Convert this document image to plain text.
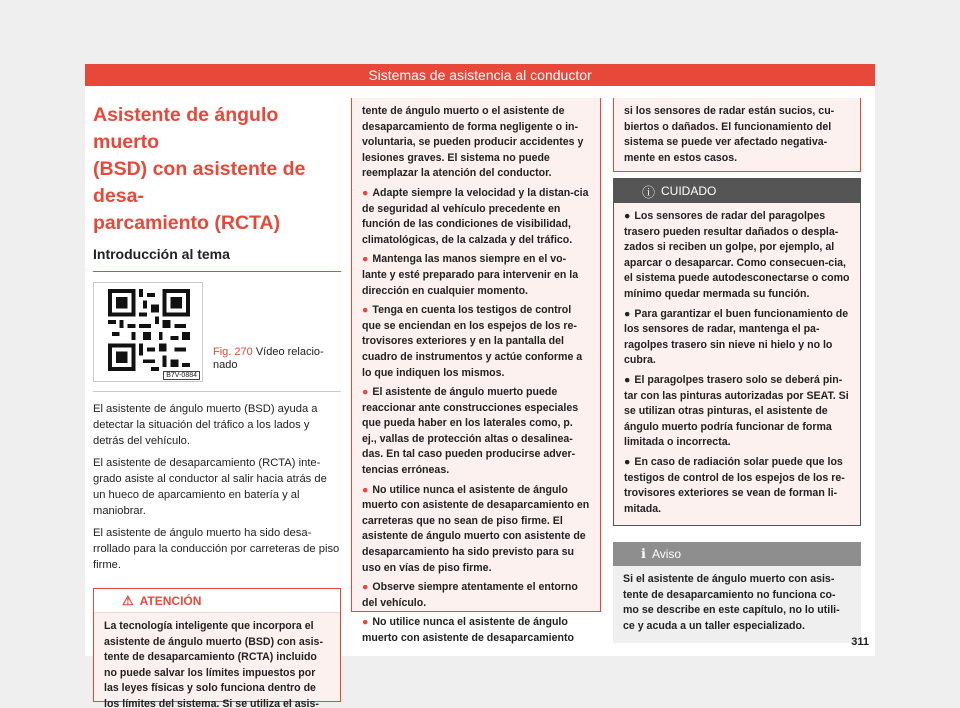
Sistemas de asistencia al conductor
Asistente de ángulo muerto
(BSD) con asistente de desa-
parcamiento (RCTA)
Introducción al tema
B7V-0884
Fig. 270 Vídeo relacio-
nado

El asistente de ángulo muerto (BSD) ayuda a detectar la situación del tráfico a los lados y detrás del vehículo.

El asistente de desaparcamiento (RCTA) inte-grado asiste al conductor al salir hacia atrás de un hueco de aparcamiento en batería y al maniobrar.

El asistente de ángulo muerto ha sido desa-rrollado para la conducción por carreteras de piso firme.

⚠ ATENCIÓN
La tecnología inteligente que incorpora el asistente de ángulo muerto (BSD) con asis-tente de desaparcamiento (RCTA) incluido no puede salvar los límites impuestos por las leyes físicas y solo funciona dentro de los límites del sistema. Si se utiliza el asis-
tente de ángulo muerto o el asistente de desaparcamiento de forma negligente o in-voluntaria, se pueden producir accidentes y lesiones graves. El sistema no puede reemplazar la atención del conductor.
● Adapte siempre la velocidad y la distan-cia de seguridad al vehículo precedente en función de las condiciones de visibilidad, climatológicas, de la calzada y del tráfico.
● Mantenga las manos siempre en el vo-lante y esté preparado para intervenir en la dirección en cualquier momento.
● Tenga en cuenta los testigos de control que se enciendan en los espejos de los re-trovisores exteriores y en la pantalla del cuadro de instrumentos y actúe conforme a lo que indiquen los mismos.
● El asistente de ángulo muerto puede reaccionar ante construcciones especiales que pueda haber en los laterales como, p. ej., vallas de protección altas o desalinea-das. En tal caso pueden producirse adver-tencias erróneas.
● No utilice nunca el asistente de ángulo muerto con asistente de desaparcamiento en carreteras que no sean de piso firme. El asistente de ángulo muerto con asistente de desaparcamiento ha sido previsto para su uso en vías de piso firme.
● Observe siempre atentamente el entorno del vehículo.
● No utilice nunca el asistente de ángulo muerto con asistente de desaparcamiento
si los sensores de radar están sucios, cu-biertos o dañados. El funcionamiento del sistema se puede ver afectado negativa-mente en estos casos.
ⓘ CUIDADO
● Los sensores de radar del paragolpes trasero pueden resultar dañados o despla-zados si reciben un golpe, por ejemplo, al aparcar o desaparcar. Como consecuen-cia, el sistema puede autodesconectarse o como mínimo quedar mermada su función.
● Para garantizar el buen funcionamiento de los sensores de radar, mantenga el pa-ragolpes trasero sin nieve ni hielo y no lo cubra.
● El paragolpes trasero solo se deberá pin-tar con las pinturas autorizadas por SEAT. Si se utilizan otras pinturas, el asistente de ángulo muerto podría funcionar de forma limitada o incorrecta.
● En caso de radiación solar puede que los testigos de control de los espejos de los re-trovisores exteriores se vean de forman li-mitada.
ℹ Aviso
Si el asistente de ángulo muerto con asis-tente de desaparcamiento no funciona co-mo se describe en este capítulo, no lo utili-ce y acuda a un taller especializado.
311
